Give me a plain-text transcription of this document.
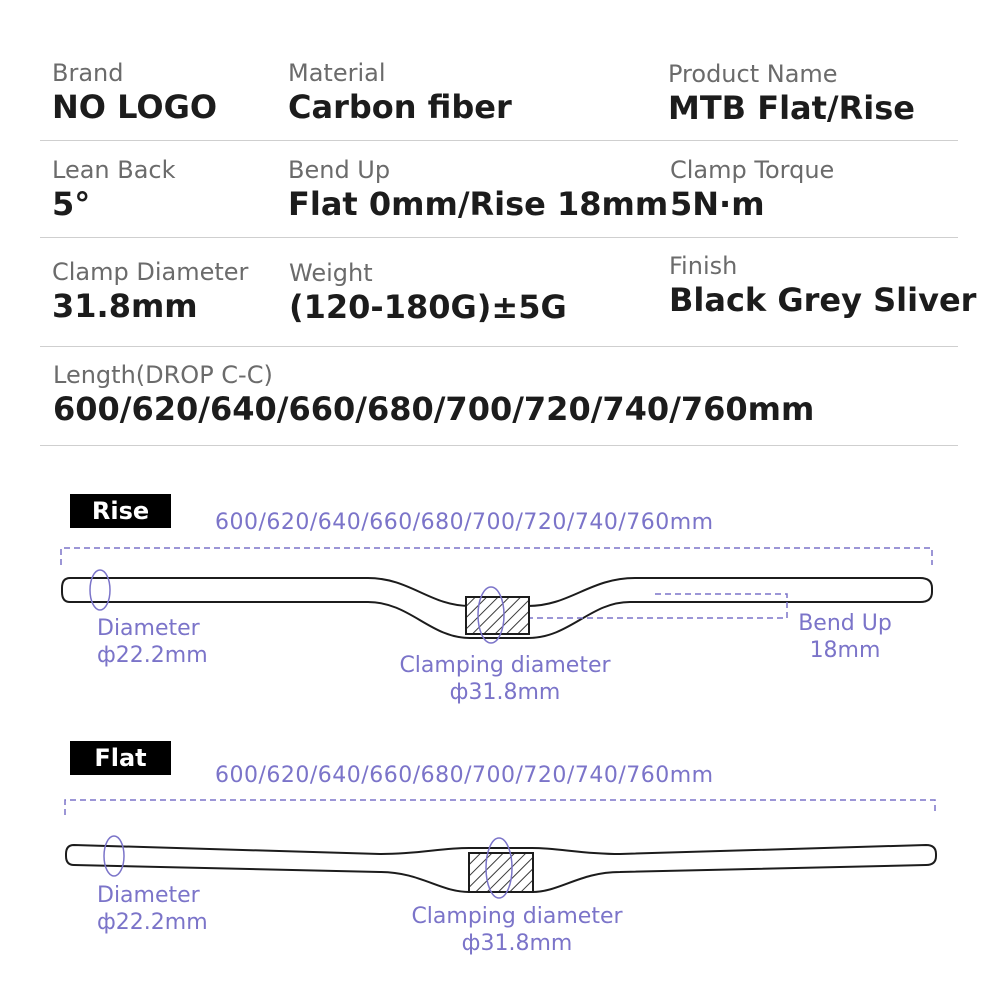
Brand
NO LOGO
Material
Carbon fiber
Product Name
MTB Flat/Rise
Lean Back
5°
Bend Up
Flat 0mm/Rise 18mm
Clamp Torque
5N·m
Clamp Diameter
31.8mm
Weight
(120-180G)±5G
Finish
Black Grey Sliver
Length(DROP C-C)
600/620/640/660/680/700/720/740/760mm
Rise	600/620/640/660/680/700/720/740/760mm
Diameter
ф22.2mm	Clamping diameter
ф31.8mm
Bend Up
18mm
Flat
600/620/640/660/680/700/720/740/760mm
Diameter
ф22.2mm	Clamping diameter
ф31.8mm
